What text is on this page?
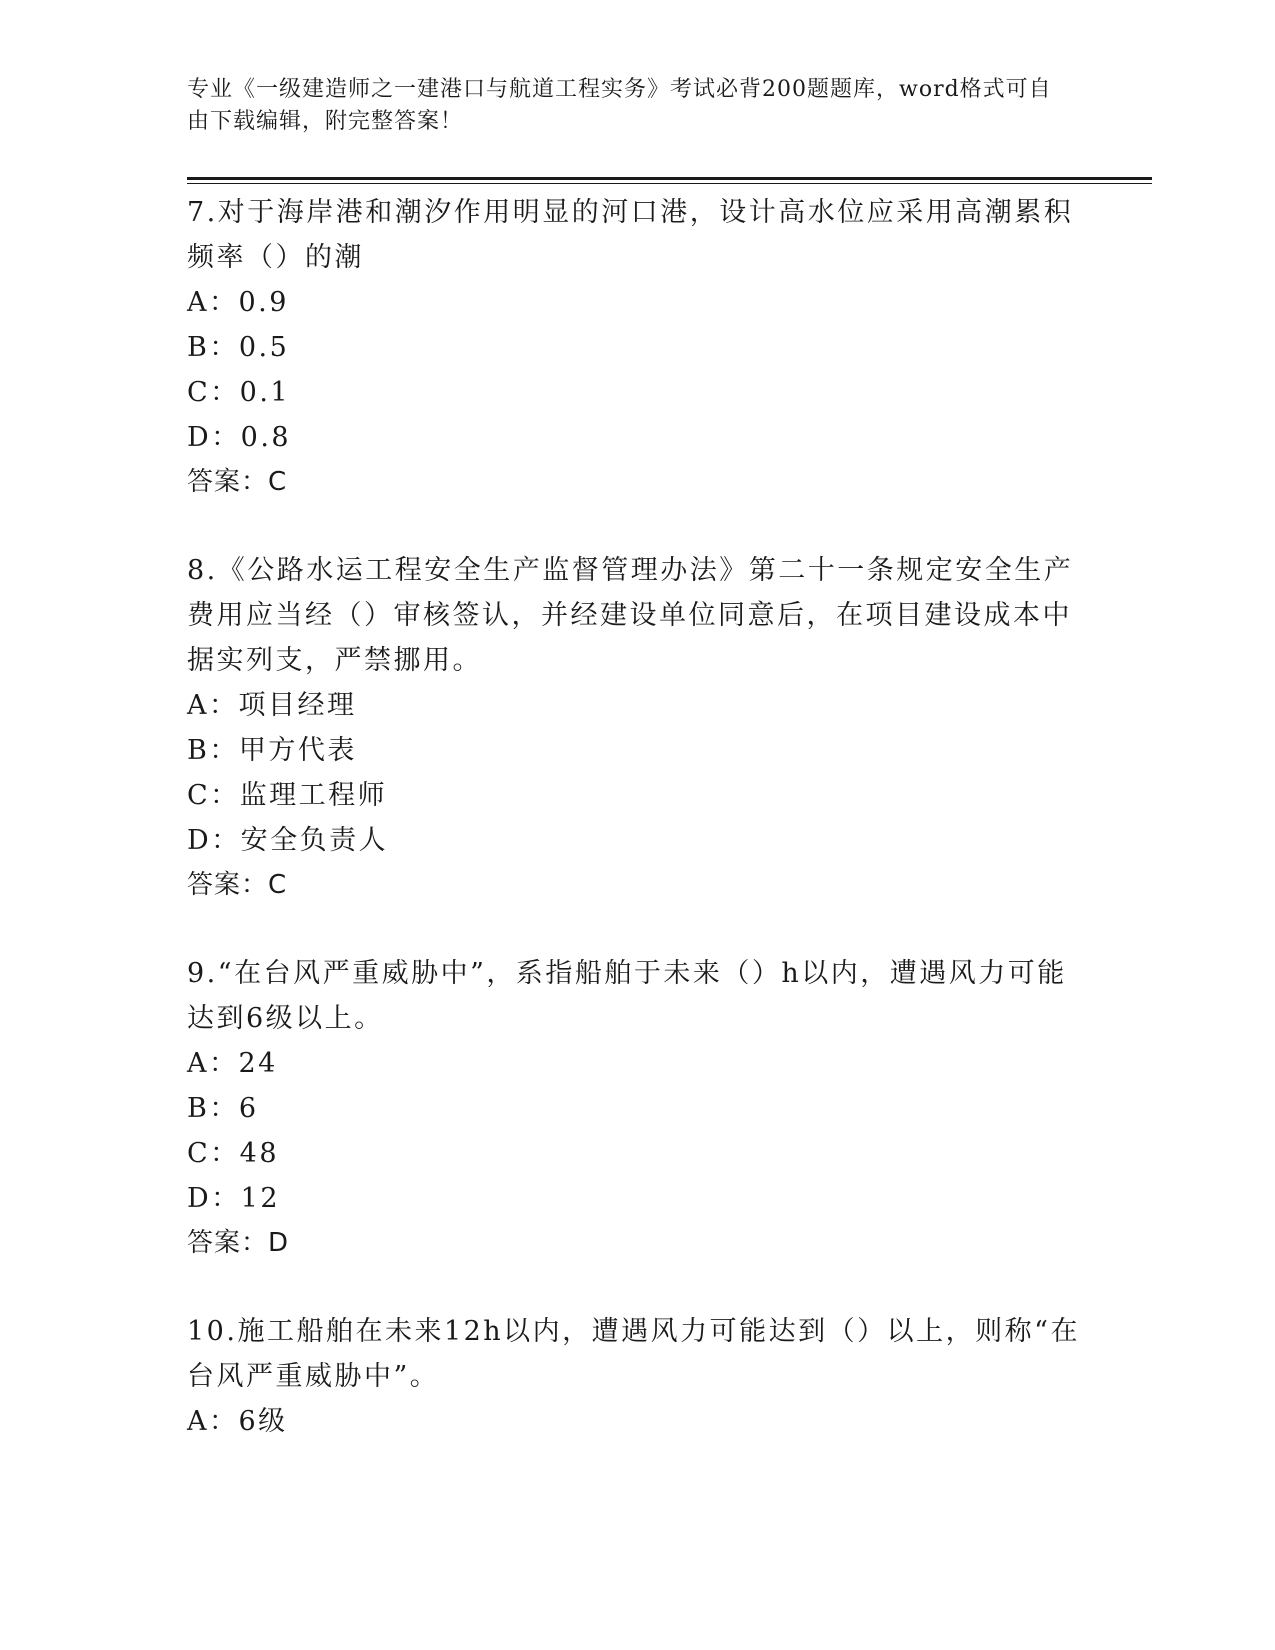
专业《一级建造师之一建港口与航道工程实务》考试必背200题题库，word格式可自由下载编辑，附完整答案！

7.对于海岸港和潮汐作用明显的河口港，设计高水位应采用高潮累积频率（）的潮

A：0.9

B：0.5

C：0.1

D：0.8

答案：C

8.《公路水运工程安全生产监督管理办法》第二十一条规定安全生产费用应当经（）审核签认，并经建设单位同意后，在项目建设成本中据实列支，严禁挪用。

A：项目经理

B：甲方代表

C：监理工程师

D：安全负责人

答案：C

9.“在台风严重威胁中”，系指船舶于未来（）h以内，遭遇风力可能达到6级以上。

A：24

B：6

C：48

D：12

答案：D

10.施工船舶在未来12h以内，遭遇风力可能达到（）以上，则称“在台风严重威胁中”。

A：6级
